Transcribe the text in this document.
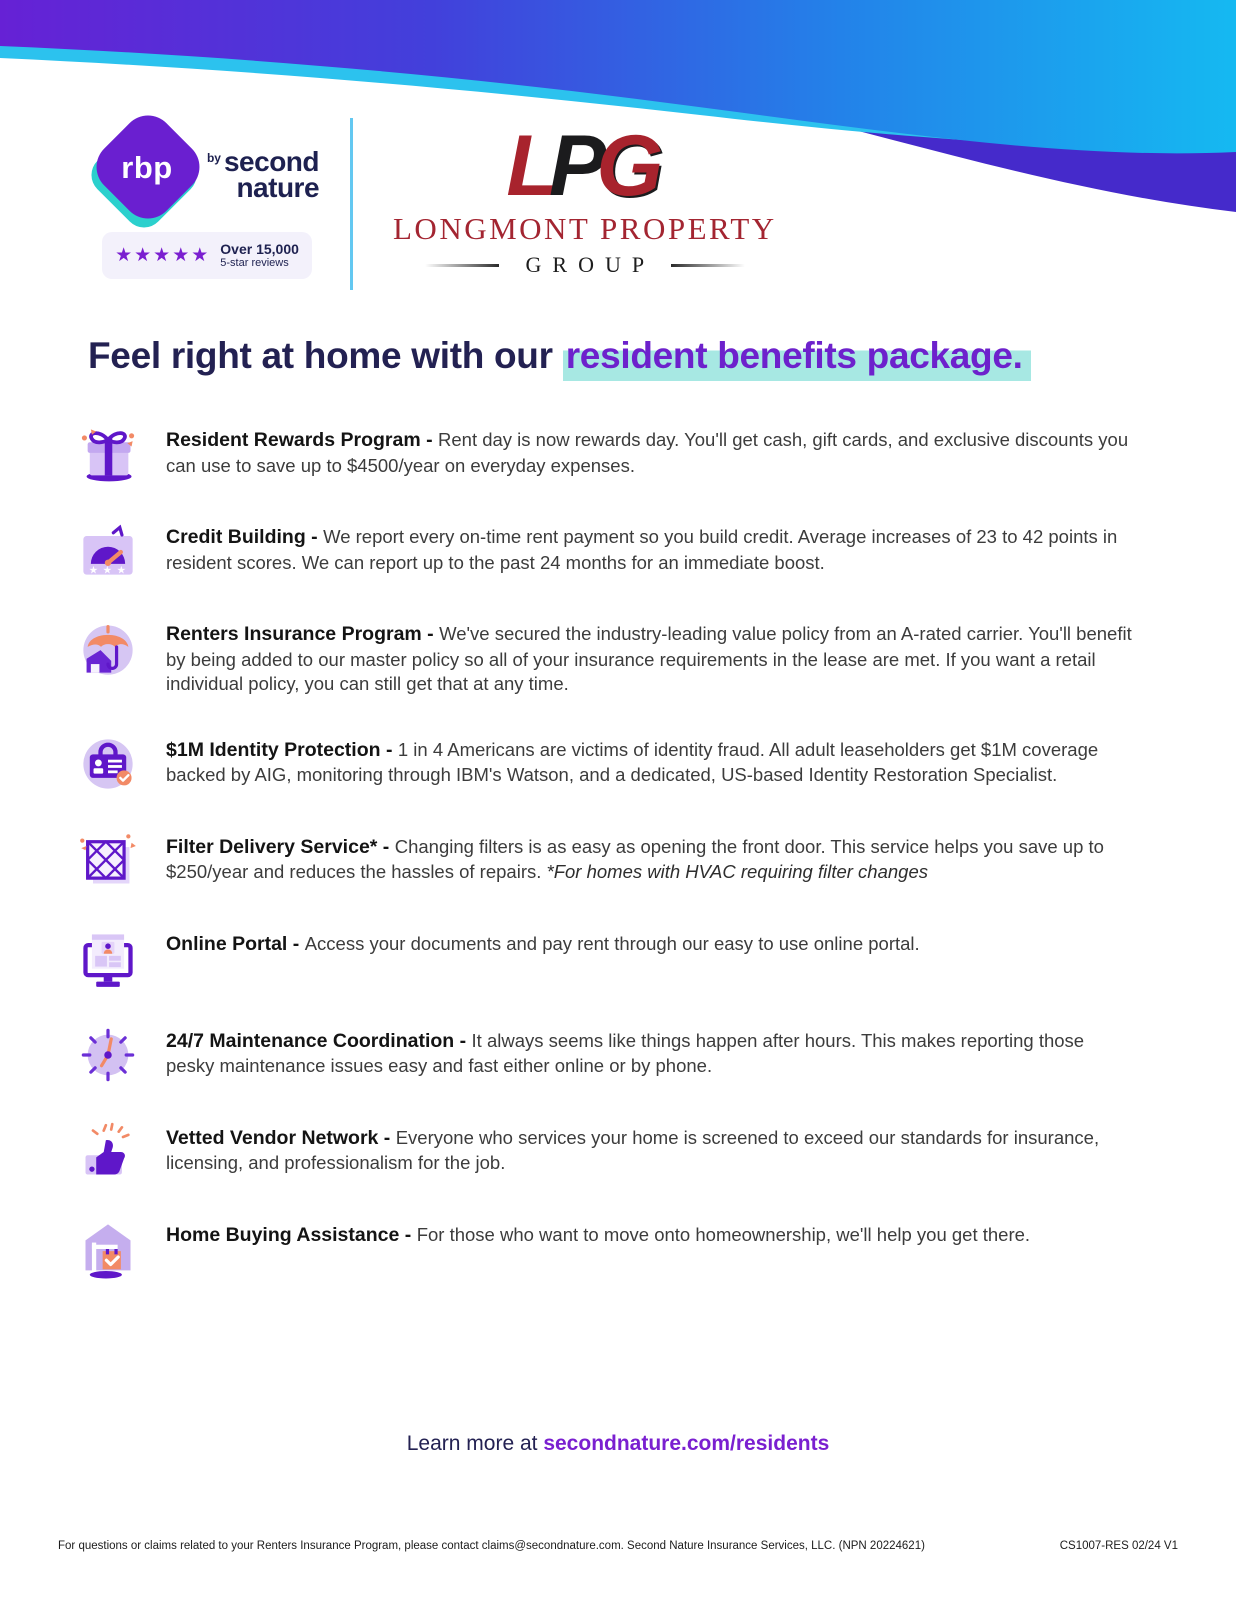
rbp	by second
nature
★★★★★ Over 15,000
5-star reviews
LPG
LONGMONT PROPERTY
GROUP
Feel right at home with our resident benefits package.

Resident Rewards Program - Rent day is now rewards day. You'll get cash, gift cards, and exclusive discounts you can use to save up to $4500/year on everyday expenses.

★ ★ ★

Credit Building - We report every on-time rent payment so you build credit. Average increases of 23 to 42 points in resident scores. We can report up to the past 24 months for an immediate boost.

Renters Insurance Program - We've secured the industry-leading value policy from an A-rated carrier. You'll benefit by being added to our master policy so all of your insurance requirements in the lease are met. If you want a retail individual policy, you can still get that at any time.

$1M Identity Protection - 1 in 4 Americans are victims of identity fraud. All adult leaseholders get $1M coverage backed by AIG, monitoring through IBM's Watson, and a dedicated, US-based Identity Restoration Specialist.

Filter Delivery Service* - Changing filters is as easy as opening the front door. This service helps you save up to $250/year and reduces the hassles of repairs. *For homes with HVAC requiring filter changes

Online Portal - Access your documents and pay rent through our easy to use online portal.

24/7 Maintenance Coordination - It always seems like things happen after hours. This makes reporting those pesky maintenance issues easy and fast either online or by phone.

Vetted Vendor Network - Everyone who services your home is screened to exceed our standards for insurance, licensing, and professionalism for the job.

Home Buying Assistance - For those who want to move onto homeownership, we'll help you get there.

Learn more at secondnature.com/residents
For questions or claims related to your Renters Insurance Program, please contact claims@secondnature.com. Second Nature Insurance Services, LLC. (NPN 20224621)	CS1007-RES 02/24 V1
